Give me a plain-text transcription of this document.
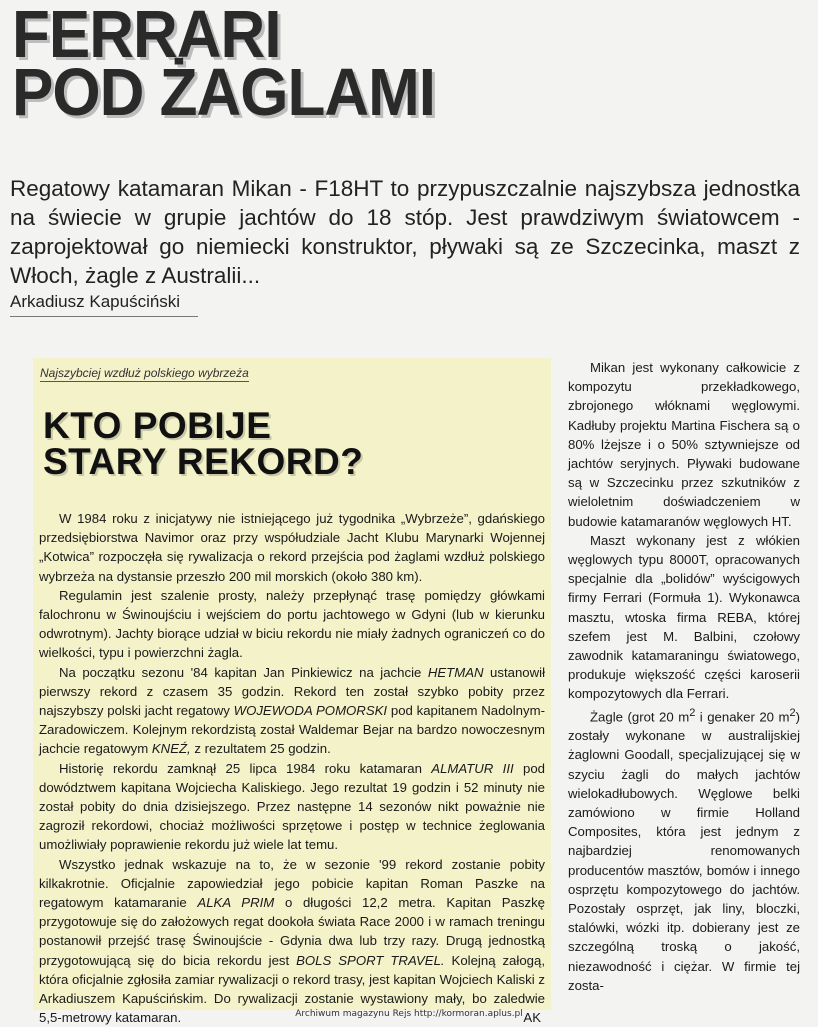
FERRARI
POD ŻAGLAMI

Regatowy katamaran Mikan - F18HT to przypuszczalnie najszybsza jednostka na świecie w grupie jachtów do 18 stóp. Jest prawdziwym światowcem - zaprojektował go niemiecki konstruktor, pływaki są ze Szczecinka, maszt z Włoch, żagle z Australii...

Arkadiusz Kapuściński
Najszybciej wzdłuż polskiego wybrzeża
KTO POBIJE
STARY REKORD?

W 1984 roku z inicjatywy nie istniejącego już tygodnika „Wybrzeże”, gdańskiego przedsiębiorstwa Navimor oraz przy współudziale Jacht Klubu Marynarki Wojennej „Kotwica” rozpoczęła się rywalizacja o rekord przejścia pod żaglami wzdłuż polskiego wybrzeża na dystansie przeszło 200 mil morskich (około 380 km).

Regulamin jest szalenie prosty, należy przepłynąć trasę pomiędzy główkami falochronu w Świnoujściu i wejściem do portu jachtowego w Gdyni (lub w kierunku odwrotnym). Jachty biorące udział w biciu rekordu nie miały żadnych ograniczeń co do wielkości, typu i powierzchni żagla.

Na początku sezonu '84 kapitan Jan Pinkiewicz na jachcie HETMAN ustanowił pierwszy rekord z czasem 35 godzin. Rekord ten został szybko pobity przez najszybszy polski jacht regatowy WOJEWODA POMORSKI pod kapitanem Nadolnym-Zaradowiczem. Kolejnym rekordzistą został Waldemar Bejar na bardzo nowoczesnym jachcie regatowym KNEŹ, z rezultatem 25 godzin.

Historię rekordu zamknął 25 lipca 1984 roku katamaran ALMATUR III pod dowództwem kapitana Wojciecha Kaliskiego. Jego rezultat 19 godzin i 52 minuty nie został pobity do dnia dzisiejszego. Przez następne 14 sezonów nikt poważnie nie zagroził rekordowi, chociaż możliwości sprzętowe i postęp w technice żeglowania umożliwiały poprawienie rekordu już wiele lat temu.

Wszystko jednak wskazuje na to, że w sezonie '99 rekord zostanie pobity kilkakrotnie. Oficjalnie zapowiedział jego pobicie kapitan Roman Paszke na regatowym katamaranie ALKA PRIM o długości 12,2 metra. Kapitan Paszkę przygotowuje się do założowych regat dookoła świata Race 2000 i w ramach treningu postanowił przejść trasę Świnoujście - Gdynia dwa lub trzy razy. Drugą jednostką przygotowującą się do bicia rekordu jest BOLS SPORT TRAVEL. Kolejną załogą, która oficjalnie zgłosiła zamiar rywalizacji o rekord trasy, jest kapitan Wojciech Kaliski z Arkadiuszem Kapuścińskim. Do rywalizacji zostanie wystawiony mały, bo zaledwie 5,5-metrowy katamaran.	AK

Mikan jest wykonany całkowicie z kompozytu przekładkowego, zbrojonego włóknami węglowymi. Kadłuby projektu Martina Fischera są o 80% lżejsze i o 50% sztywniejsze od jachtów seryjnych. Pływaki budowane są w Szczecinku przez szkutników z wieloletnim doświadczeniem w budowie katamaranów węglowych HT.

Maszt wykonany jest z włókien węglowych typu 8000T, opracowanych specjalnie dla „bolidów” wyścigowych firmy Ferrari (Formuła 1). Wykonawca masztu, wtoska firma REBA, której szefem jest M. Balbini, czołowy zawodnik katamaraningu światowego, produkuje większość części karoserii kompozytowych dla Ferrari.

Żagle (grot 20 $m^2$ i genaker 20 $m^2$) zostały wykonane w australijskiej żaglowni Goodall, specjalizującej się w szyciu żagli do małych jachtów wielokadłubowych. Węglowe belki zamówiono w firmie Holland Composites, która jest jednym z najbardziej renomowanych producentów masztów, bomów i innego osprzętu kompozytowego do jachtów. Pozostały osprzęt, jak liny, bloczki, stalówki, wózki itp. dobierany jest ze szczególną troską o jakość, niezawodność i ciężar. W firmie tej zosta-

Archiwum magazynu Rejs http://kormoran.aplus.pl
